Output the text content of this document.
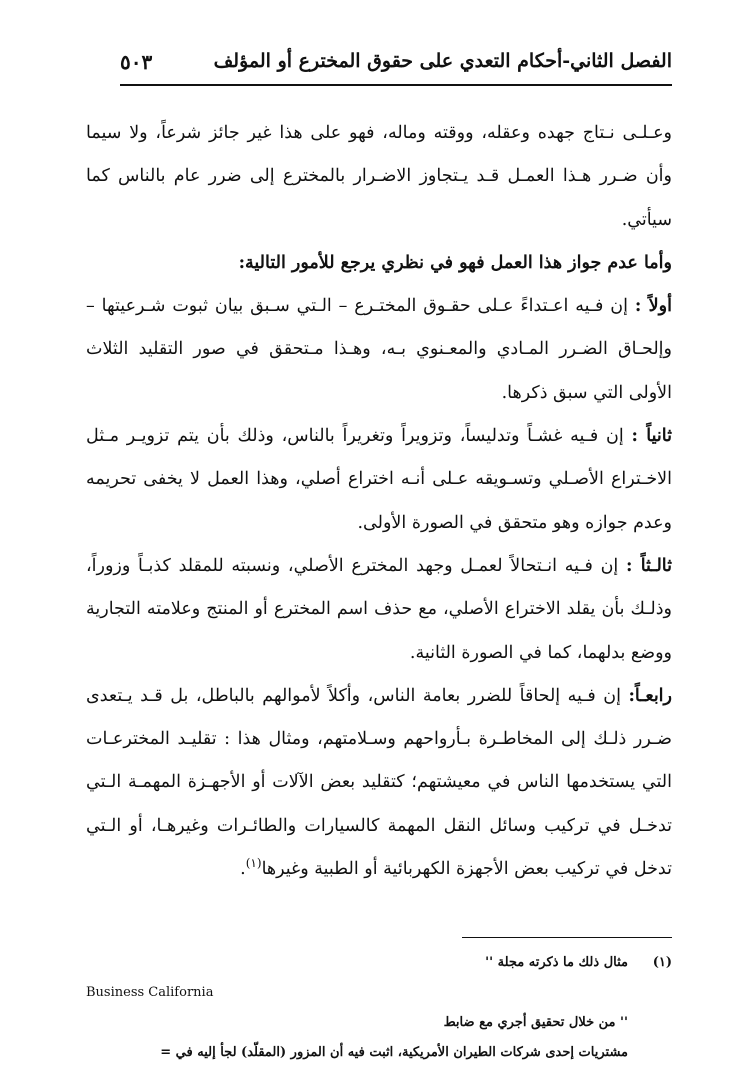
الفصل الثاني-أحكام التعدي على حقوق المخترع أو المؤلف
٥٠٣

وعـلـى نـتاج جهده وعقله، ووقته وماله، فهو على هذا غير جائز شرعاً، ولا سيما وأن ضـرر هـذا العمـل قـد يـتجاوز الاضـرار بالمخترع إلى ضرر عام بالناس كما سيأتي.

وأما عدم جواز هذا العمل فهو في نظري يرجع للأمور التالية:

أولاً : إن فـيه اعـتداءً عـلى حقـوق المختـرع – الـتي سـبق بيان ثبوت شـرعيتها – وإلحـاق الضـرر المـادي والمعـنوي بـه، وهـذا مـتحقق في صور التقليد الثلاث الأولى التي سبق ذكرها.

ثانياً : إن فـيه غشـاً وتدليساً، وتزويراً وتغريراً بالناس، وذلك بأن يتم تزويـر مـثل الاخـتراع الأصـلي وتسـويقه عـلى أنـه اختراع أصلي، وهذا العمل لا يخفى تحريمه وعدم جوازه وهو متحقق في الصورة الأولى.

ثالـثاً : إن فـيه انـتحالاً لعمـل وجهد المخترع الأصلي، ونسبته للمقلد كذبـاً وزوراً، وذلـك بأن يقلد الاختراع الأصلي، مع حذف اسم المخترع أو المنتج وعلامته التجارية ووضع بدلهما، كما في الصورة الثانية.

رابعـاً: إن فـيه إلحاقاً للضرر بعامة الناس، وأكلاً لأموالهم بالباطل، بل قـد يـتعدى ضـرر ذلـك إلى المخاطـرة بـأرواحهم وسـلامتهم، ومثال هذا : تقليـد المخترعـات التي يستخدمها الناس في معيشتهم؛ كتقليد بعض الآلات أو الأجهـزة المهمـة الـتي تدخـل في تركيب وسائل النقل المهمة كالسيارات والطائـرات وغيرهـا، أو الـتي تدخل في تركيب بعض الأجهزة الكهربائية أو الطبية وغيرها$^{(١)}$.

(١)
مثال ذلك ما ذكرته مجلة ''
Business California
'' من خلال تحقيق أجري مع ضابط
مشتريات إحدى شركات الطيران الأمريكية، اثبت فيه أن المزور (المقلّد) لجأ إليه في =
